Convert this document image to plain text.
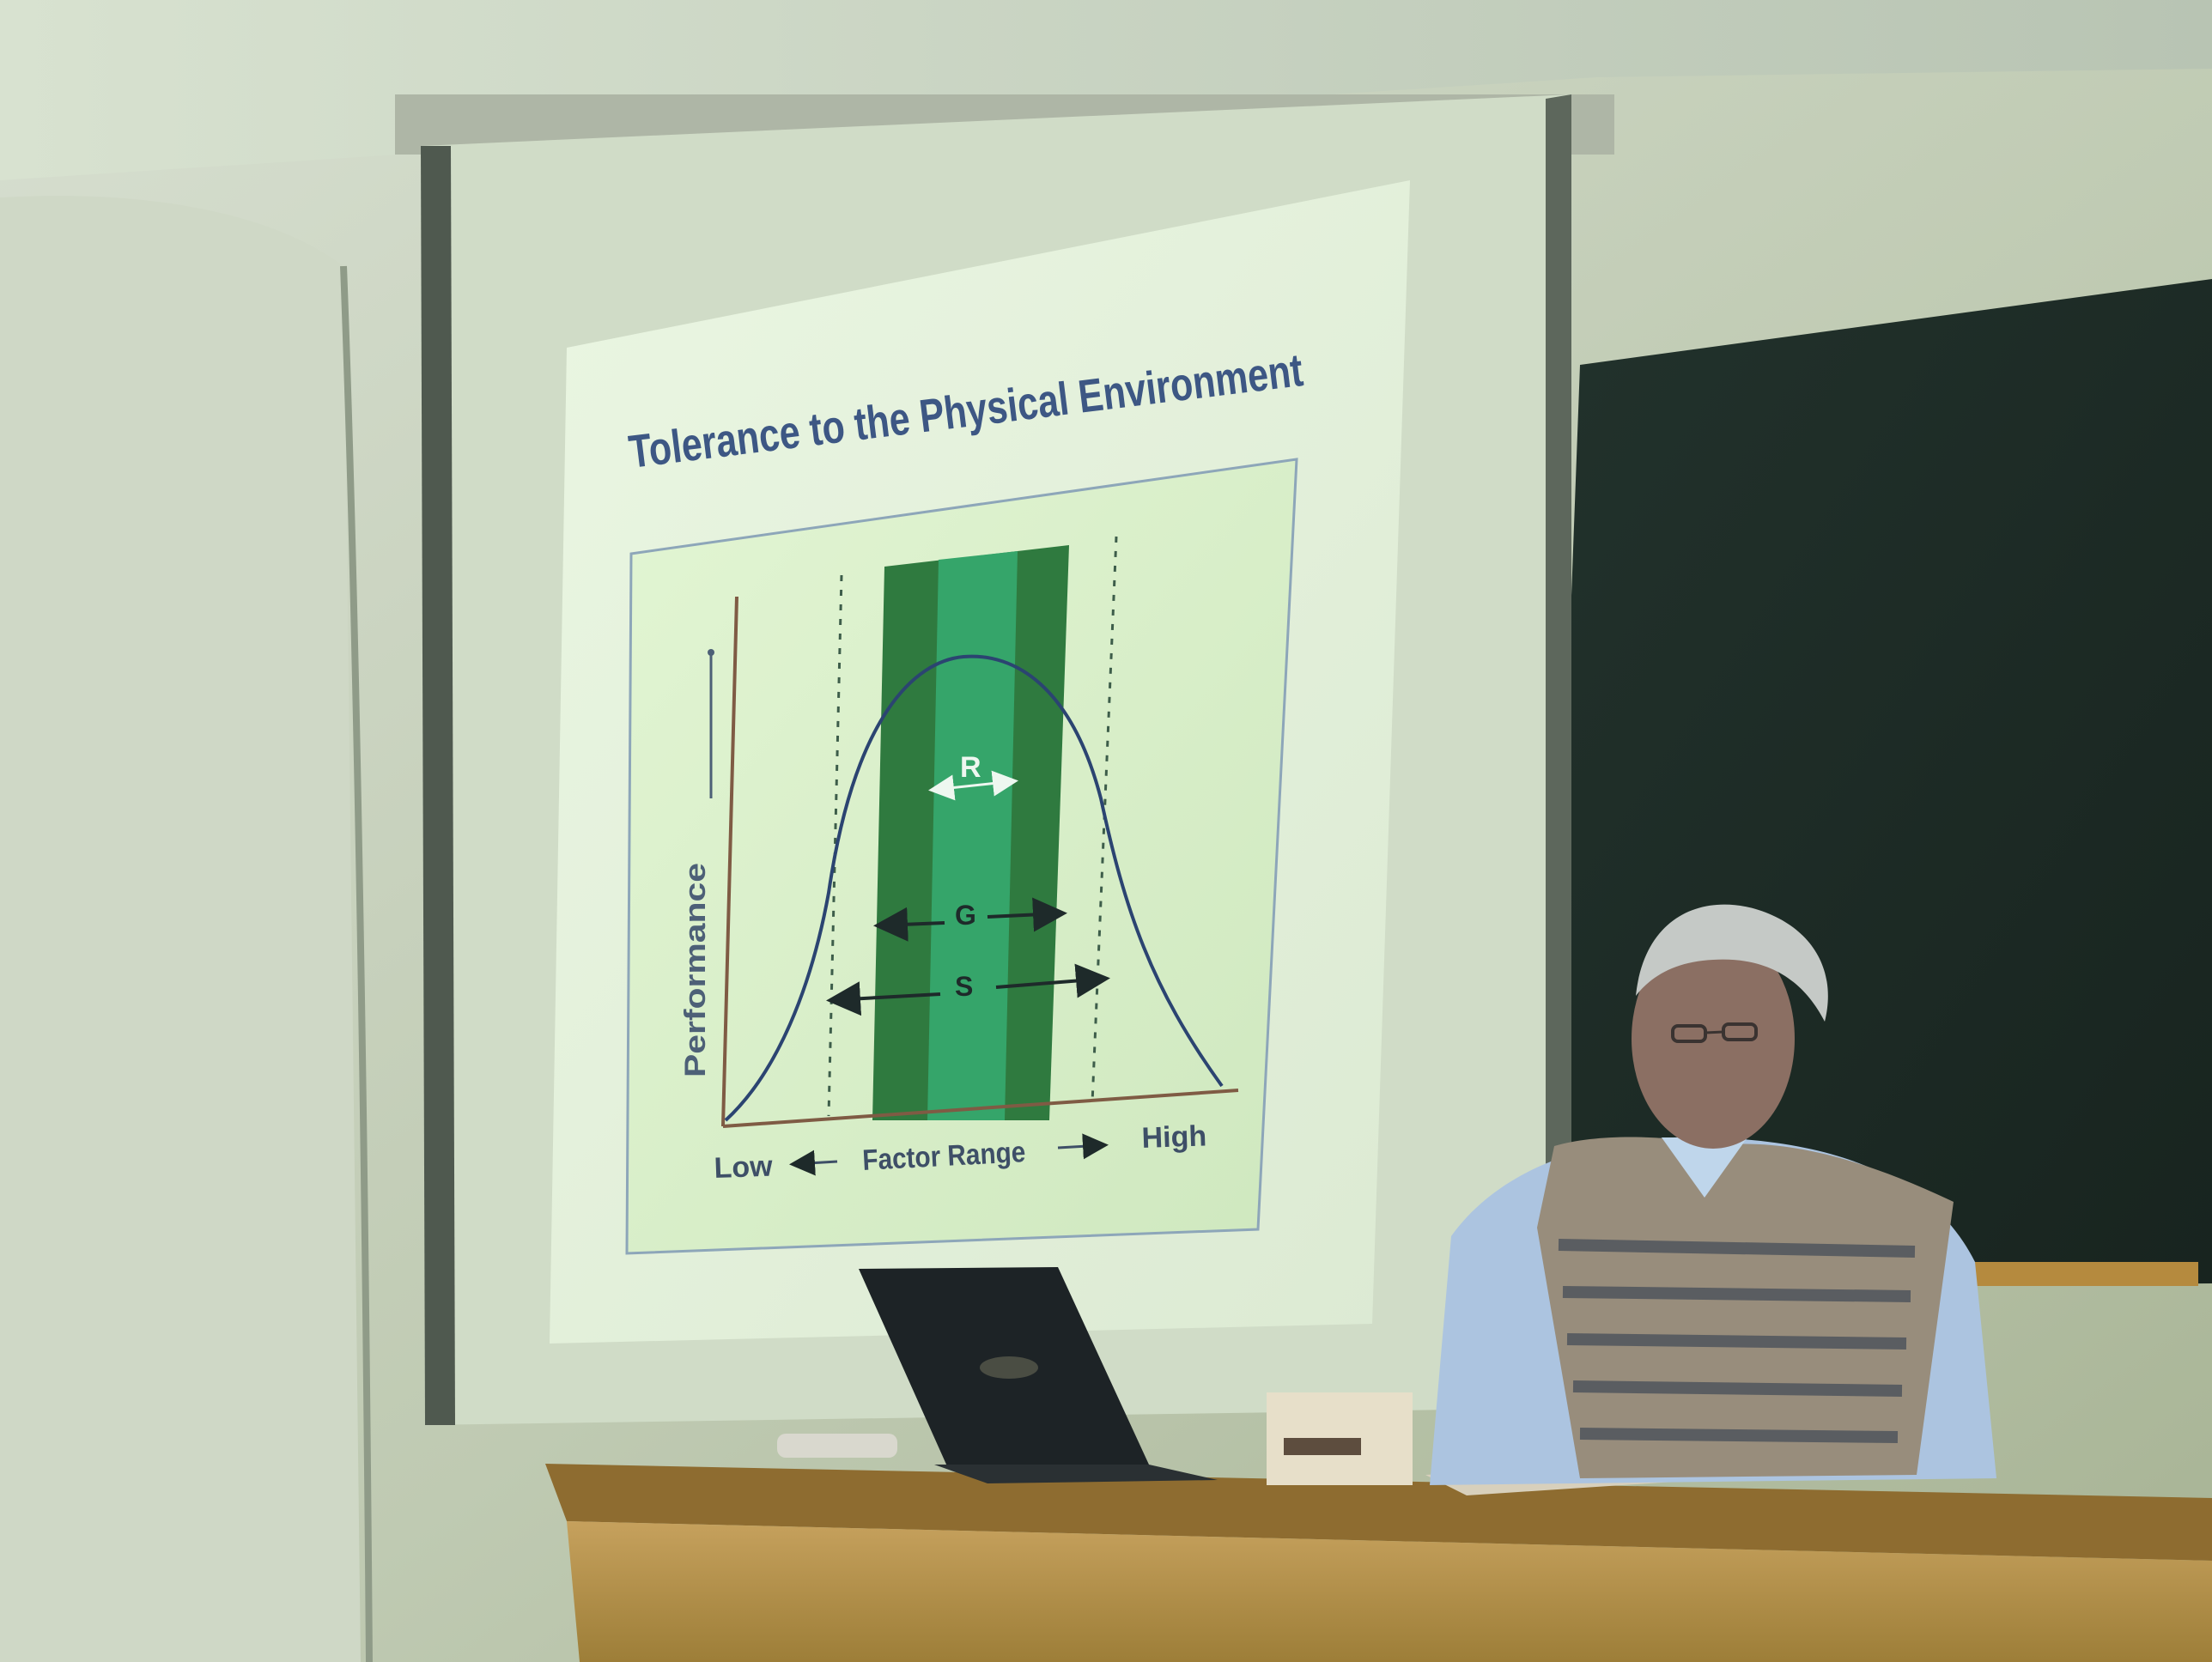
Tolerance to the Physical Environment
Performance
R
G
S
Low	Factor Range	High
